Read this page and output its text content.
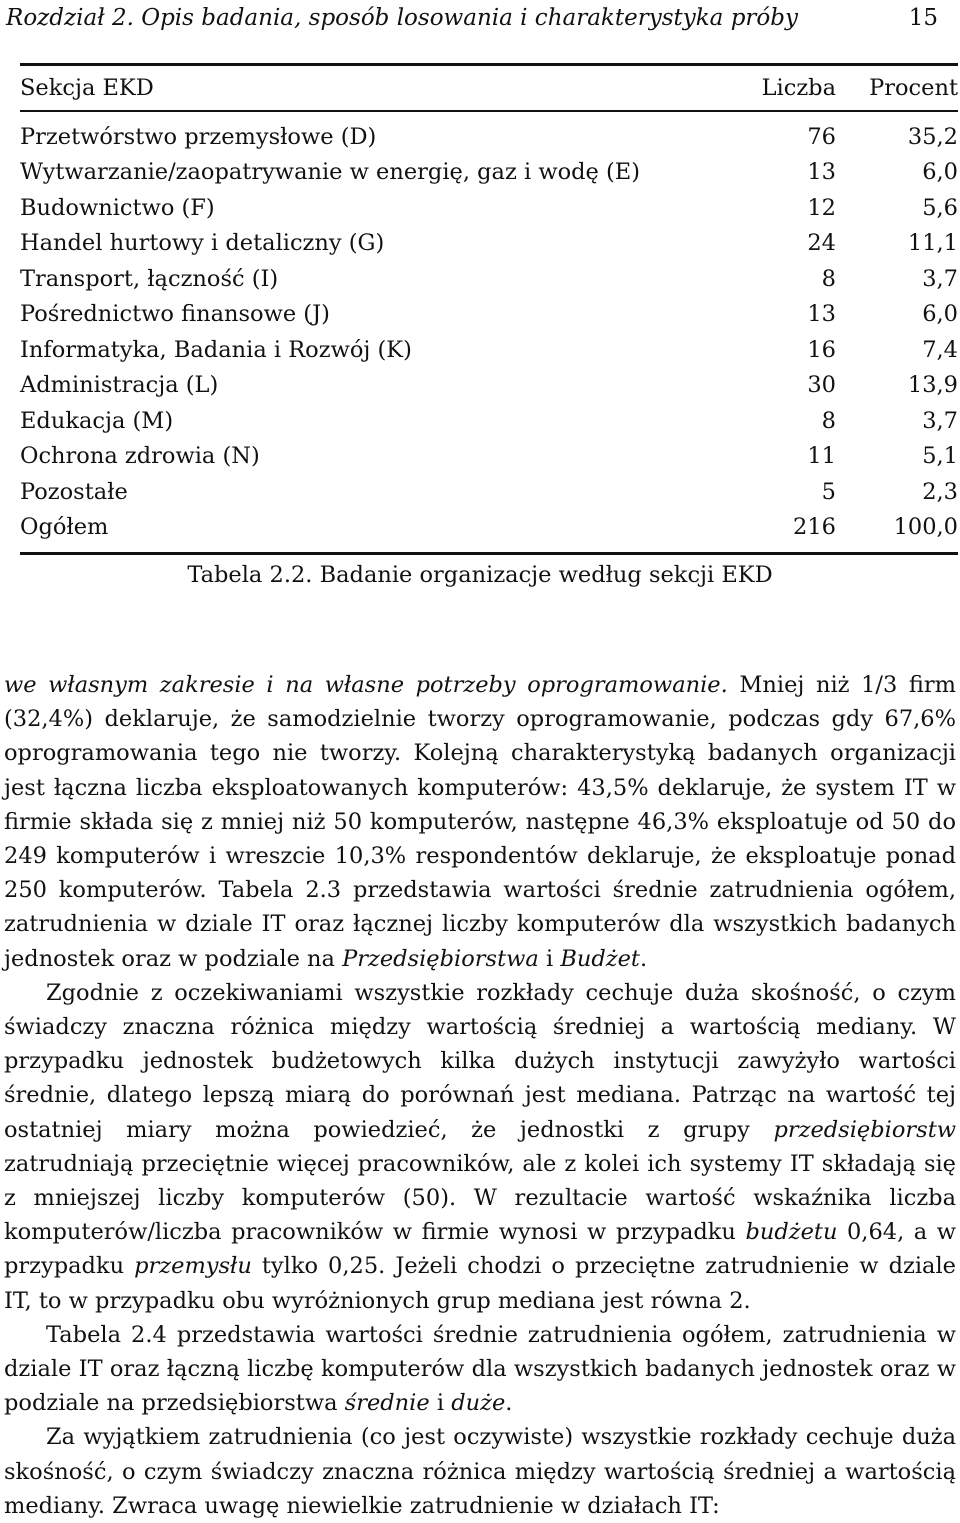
Rozdział 2. Opis badania, sposób losowania i charakterystyka próby	15
Sekcja EKD	Liczba	Procent
Przetwórstwo przemysłowe (D)	76	35,2
Wytwarzanie/zaopatrywanie w energię, gaz i wodę (E)	13	6,0
Budownictwo (F)	12	5,6
Handel hurtowy i detaliczny (G)	24	11,1
Transport, łączność (I)	8	3,7
Pośrednictwo finansowe (J)	13	6,0
Informatyka, Badania i Rozwój (K)	16	7,4
Administracja (L)	30	13,9
Edukacja (M)	8	3,7
Ochrona zdrowia (N)	11	5,1
Pozostałe	5	2,3
Ogółem	216	100,0
Tabela 2.2. Badanie organizacje według sekcji EKD

we własnym zakresie i na własne potrzeby oprogramowanie. Mniej niż 1/3 firm (32,4%) deklaruje, że samodzielnie tworzy oprogramowanie, podczas gdy 67,6% oprogramowania tego nie tworzy. Kolejną charakterystyką badanych organizacji jest łączna liczba eksploatowanych komputerów: 43,5% deklaruje, że system IT w firmie składa się z mniej niż 50 komputerów, następne 46,3% eksploatuje od 50 do 249 komputerów i wreszcie 10,3% respondentów deklaruje, że eksploatuje ponad 250 komputerów. Tabela 2.3 przedstawia wartości średnie zatrudnienia ogółem, zatrudnienia w dziale IT oraz łącznej liczby komputerów dla wszystkich badanych jednostek oraz w podziale na Przedsiębiorstwa i Budżet.

Zgodnie z oczekiwaniami wszystkie rozkłady cechuje duża skośność, o czym świadczy znaczna różnica między wartością średniej a wartością mediany. W przypadku jednostek budżetowych kilka dużych instytucji zawyżyło wartości średnie, dlatego lepszą miarą do porównań jest mediana. Patrząc na wartość tej ostatniej miary można powiedzieć, że jednostki z grupy przedsiębiorstw zatrudniają przeciętnie więcej pracowników, ale z kolei ich systemy IT składają się z mniejszej liczby komputerów (50). W rezultacie wartość wskaźnika liczba komputerów/liczba pracowników w firmie wynosi w przypadku budżetu 0,64, a w przypadku przemysłu tylko 0,25. Jeżeli chodzi o przeciętne zatrudnienie w dziale IT, to w przypadku obu wyróżnionych grup mediana jest równa 2.

Tabela 2.4 przedstawia wartości średnie zatrudnienia ogółem, zatrudnienia w dziale IT oraz łączną liczbę komputerów dla wszystkich badanych jednostek oraz w podziale na przedsiębiorstwa średnie i duże.

Za wyjątkiem zatrudnienia (co jest oczywiste) wszystkie rozkłady cechuje duża skośność, o czym świadczy znaczna różnica między wartością średniej a wartością mediany. Zwraca uwagę niewielkie zatrudnienie w działach IT:
